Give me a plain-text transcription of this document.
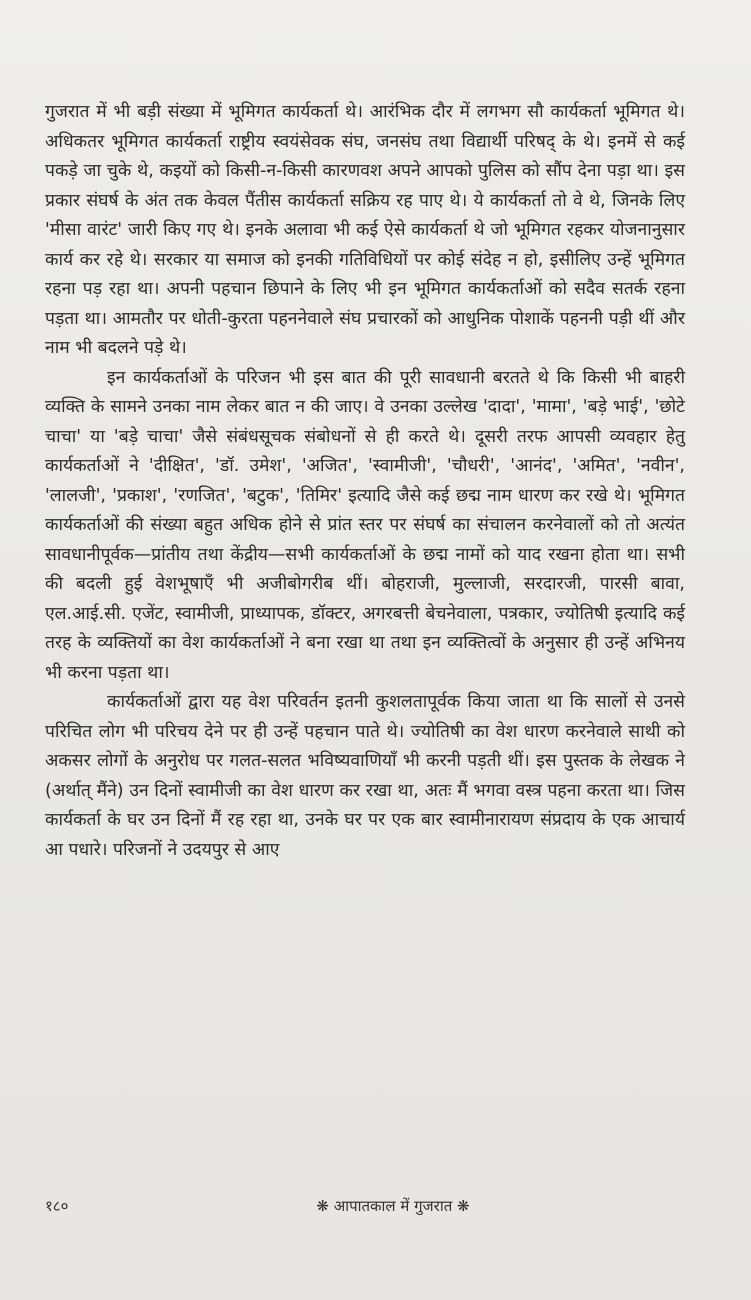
गुजरात में भी बड़ी संख्या में भूमिगत कार्यकर्ता थे। आरंभिक दौर में लगभग सौ कार्यकर्ता भूमिगत थे। अधिकतर भूमिगत कार्यकर्ता राष्ट्रीय स्वयंसेवक संघ, जनसंघ तथा विद्यार्थी परिषद् के थे। इनमें से कई पकड़े जा चुके थे, कइयों को किसी-न-किसी कारणवश अपने आपको पुलिस को सौंप देना पड़ा था। इस प्रकार संघर्ष के अंत तक केवल पैंतीस कार्यकर्ता सक्रिय रह पाए थे। ये कार्यकर्ता तो वे थे, जिनके लिए 'मीसा वारंट' जारी किए गए थे। इनके अलावा भी कई ऐसे कार्यकर्ता थे जो भूमिगत रहकर योजनानुसार कार्य कर रहे थे। सरकार या समाज को इनकी गतिविधियों पर कोई संदेह न हो, इसीलिए उन्हें भूमिगत रहना पड़ रहा था। अपनी पहचान छिपाने के लिए भी इन भूमिगत कार्यकर्ताओं को सदैव सतर्क रहना पड़ता था। आमतौर पर धोती-कुरता पहननेवाले संघ प्रचारकों को आधुनिक पोशाकें पहननी पड़ी थीं और नाम भी बदलने पड़े थे।

इन कार्यकर्ताओं के परिजन भी इस बात की पूरी सावधानी बरतते थे कि किसी भी बाहरी व्यक्ति के सामने उनका नाम लेकर बात न की जाए। वे उनका उल्लेख 'दादा', 'मामा', 'बड़े भाई', 'छोटे चाचा' या 'बड़े चाचा' जैसे संबंधसूचक संबोधनों से ही करते थे। दूसरी तरफ आपसी व्यवहार हेतु कार्यकर्ताओं ने 'दीक्षित', 'डॉ. उमेश', 'अजित', 'स्वामीजी', 'चौधरी', 'आनंद', 'अमित', 'नवीन', 'लालजी', 'प्रकाश', 'रणजित', 'बटुक', 'तिमिर' इत्यादि जैसे कई छद्म नाम धारण कर रखे थे। भूमिगत कार्यकर्ताओं की संख्या बहुत अधिक होने से प्रांत स्तर पर संघर्ष का संचालन करनेवालों को तो अत्यंत सावधानीपूर्वक—प्रांतीय तथा केंद्रीय—सभी कार्यकर्ताओं के छद्म नामों को याद रखना होता था। सभी की बदली हुई वेशभूषाएँ भी अजीबोगरीब थीं। बोहराजी, मुल्लाजी, सरदारजी, पारसी बावा, एल.आई.सी. एजेंट, स्वामीजी, प्राध्यापक, डॉक्टर, अगरबत्ती बेचनेवाला, पत्रकार, ज्योतिषी इत्यादि कई तरह के व्यक्तियों का वेश कार्यकर्ताओं ने बना रखा था तथा इन व्यक्तित्वों के अनुसार ही उन्हें अभिनय भी करना पड़ता था।

कार्यकर्ताओं द्वारा यह वेश परिवर्तन इतनी कुशलतापूर्वक किया जाता था कि सालों से उनसे परिचित लोग भी परिचय देने पर ही उन्हें पहचान पाते थे। ज्योतिषी का वेश धारण करनेवाले साथी को अकसर लोगों के अनुरोध पर गलत-सलत भविष्यवाणियाँ भी करनी पड़ती थीं। इस पुस्तक के लेखक ने (अर्थात् मैंने) उन दिनों स्वामीजी का वेश धारण कर रखा था, अतः मैं भगवा वस्त्र पहना करता था। जिस कार्यकर्ता के घर उन दिनों मैं रह रहा था, उनके घर पर एक बार स्वामीनारायण संप्रदाय के एक आचार्य आ पधारे। परिजनों ने उदयपुर से आए

१८०	❋ आपातकाल में गुजरात ❋
